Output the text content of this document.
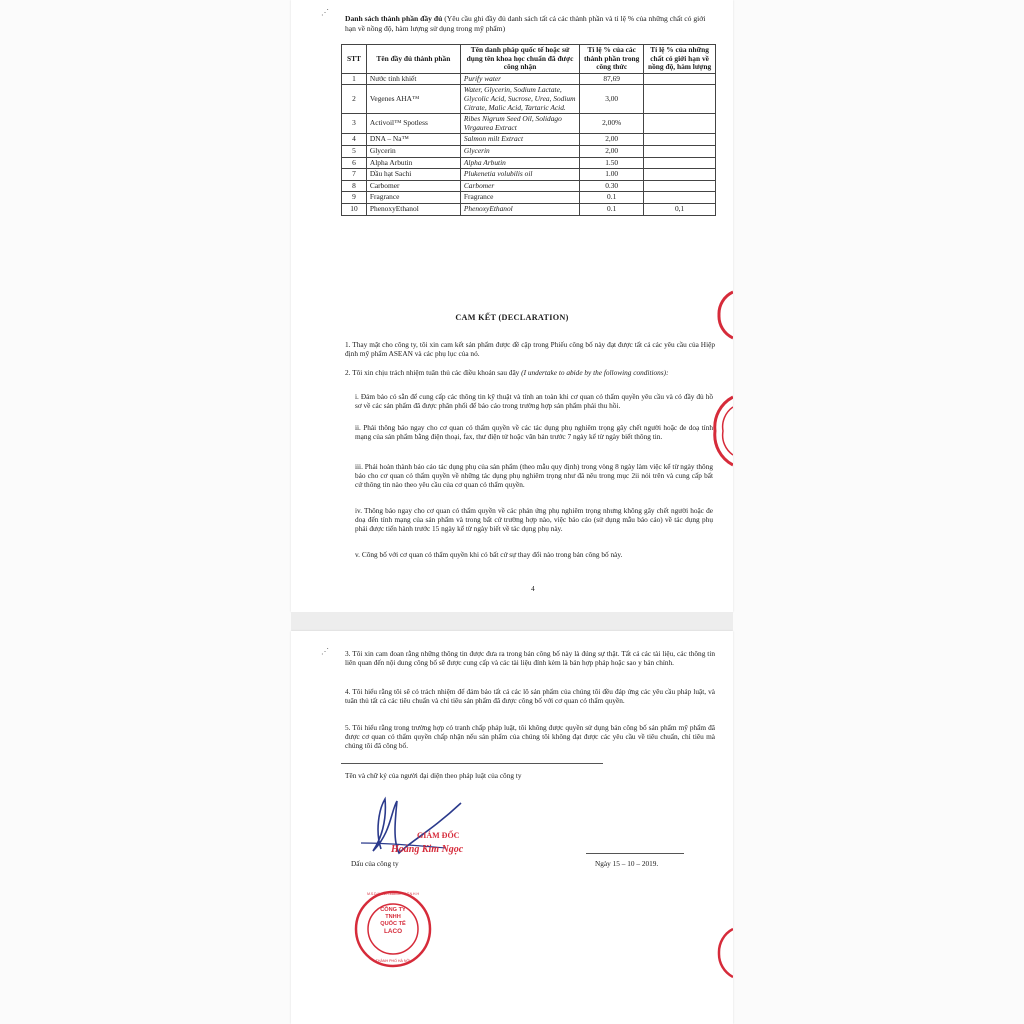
⋰
Danh sách thành phần đầy đủ (Yêu cầu ghi đầy đủ danh sách tất cả các thành phần và tỉ lệ % của những chất có giới hạn về nồng độ, hàm lượng sử dụng trong mỹ phẩm)
STT	Tên đầy đủ thành phần	Tên danh pháp quốc tế hoặc sử dụng tên khoa học chuẩn đã được công nhận	Tỉ lệ % của các thành phần trong công thức	Tỉ lệ % của những chất có giới hạn về nồng độ, hàm lượng
1	Nước tinh khiết	Purify water	87,69	
2	Vegenes AHA™	Water, Glycerin, Sodium Lactate, Glycolic Acid, Sucrose, Urea, Sodium Citrate, Malic Acid, Tartaric Acid.	3,00	
3	Activoil™ Spotless	Ribes Nigrum Seed Oil, Solidago Virgaurea Extract	2,00%	
4	DNA – Na™	Salmon milt Extract	2,00	
5	Glycerin	Glycerin	2,00	
6	Alpha Arbutin	Alpha Arbutin	1.50	
7	Dầu hạt Sachi	Plukenetia volubilis oil	1.00	
8	Carbomer	Carbomer	0.30	
9	Fragrance	Fragrance	0.1	
10	PhenoxyEthanol	PhenoxyEthanol	0.1	0,1
CAM KẾT (DECLARATION)
1. Thay mặt cho công ty, tôi xin cam kết sản phẩm được đề cập trong Phiếu công bố này đạt được tất cả các yêu cầu của Hiệp định mỹ phẩm ASEAN và các phụ lục của nó.
2. Tôi xin chịu trách nhiệm tuân thủ các điều khoản sau đây (I undertake to abide by the following conditions):
i. Đảm bảo có sẵn để cung cấp các thông tin kỹ thuật và tính an toàn khi cơ quan có thẩm quyền yêu cầu và có đầy đủ hồ sơ về các sản phẩm đã được phân phối để báo cáo trong trường hợp sản phẩm phải thu hồi.
ii. Phải thông báo ngay cho cơ quan có thẩm quyền về các tác dụng phụ nghiêm trọng gây chết người hoặc đe doạ tính mạng của sản phẩm bằng điện thoại, fax, thư điện tử hoặc văn bản trước 7 ngày kể từ ngày biết thông tin.
iii. Phải hoàn thành báo cáo tác dụng phụ của sản phẩm (theo mẫu quy định) trong vòng 8 ngày làm việc kể từ ngày thông báo cho cơ quan có thẩm quyền về những tác dụng phụ nghiêm trọng như đã nêu trong mục 2ii nói trên và cung cấp bất cứ thông tin nào theo yêu cầu của cơ quan có thẩm quyền.
iv. Thông báo ngay cho cơ quan có thẩm quyền về các phản ứng phụ nghiêm trọng nhưng không gây chết người hoặc đe doạ đến tính mạng của sản phẩm và trong bất cứ trường hợp nào, việc báo cáo (sử dụng mẫu báo cáo) về tác dụng phụ phải được tiến hành trước 15 ngày kể từ ngày biết về tác dụng phụ này.
v. Công bố với cơ quan có thẩm quyền khi có bất cứ sự thay đổi nào trong bản công bố này.
4
⋰ 3. Tôi xin cam đoan rằng những thông tin được đưa ra trong bản công bố này là đúng sự thật. Tất cả các tài liệu, các thông tin liên quan đến nội dung công bố sẽ được cung cấp và các tài liệu đính kèm là bản hợp pháp hoặc sao y bản chính.
4. Tôi hiểu rằng tôi sẽ có trách nhiệm để đảm bảo tất cả các lô sản phẩm của chúng tôi đều đáp ứng các yêu cầu pháp luật, và tuân thủ tất cả các tiêu chuẩn và chỉ tiêu sản phẩm đã được công bố với cơ quan có thẩm quyền.
5. Tôi hiểu rằng trong trường hợp có tranh chấp pháp luật, tôi không được quyền sử dụng bản công bố sản phẩm mỹ phẩm đã được cơ quan có thẩm quyền chấp nhận nếu sản phẩm của chúng tôi không đạt được các yêu cầu về tiêu chuẩn, chỉ tiêu mà chúng tôi đã công bố.
Tên và chữ ký của người đại diện theo pháp luật của công ty
GIÁM ĐỐC
Hoàng Kim Ngọc
Dấu của công ty	Ngày 15 – 10 – 2019.
CÔNG TY
TNHH
QUỐC TẾ
LACO
M.S.D.N: 0107358039 - C.T.N.H.H
THÀNH PHỐ HÀ NỘI
